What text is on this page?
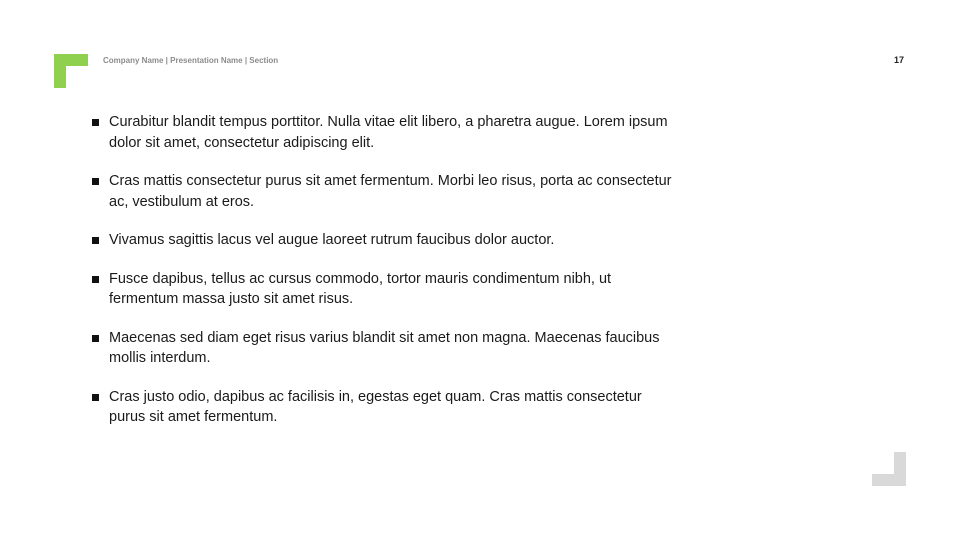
Company Name | Presentation Name | Section	17
Curabitur blandit tempus porttitor. Nulla vitae elit libero, a pharetra augue. Lorem ipsum dolor sit amet, consectetur adipiscing elit.
Cras mattis consectetur purus sit amet fermentum. Morbi leo risus, porta ac consectetur ac, vestibulum at eros.
Vivamus sagittis lacus vel augue laoreet rutrum faucibus dolor auctor.
Fusce dapibus, tellus ac cursus commodo, tortor mauris condimentum nibh, ut fermentum massa justo sit amet risus.
Maecenas sed diam eget risus varius blandit sit amet non magna. Maecenas faucibus mollis interdum.
Cras justo odio, dapibus ac facilisis in, egestas eget quam. Cras mattis consectetur purus sit amet fermentum.
